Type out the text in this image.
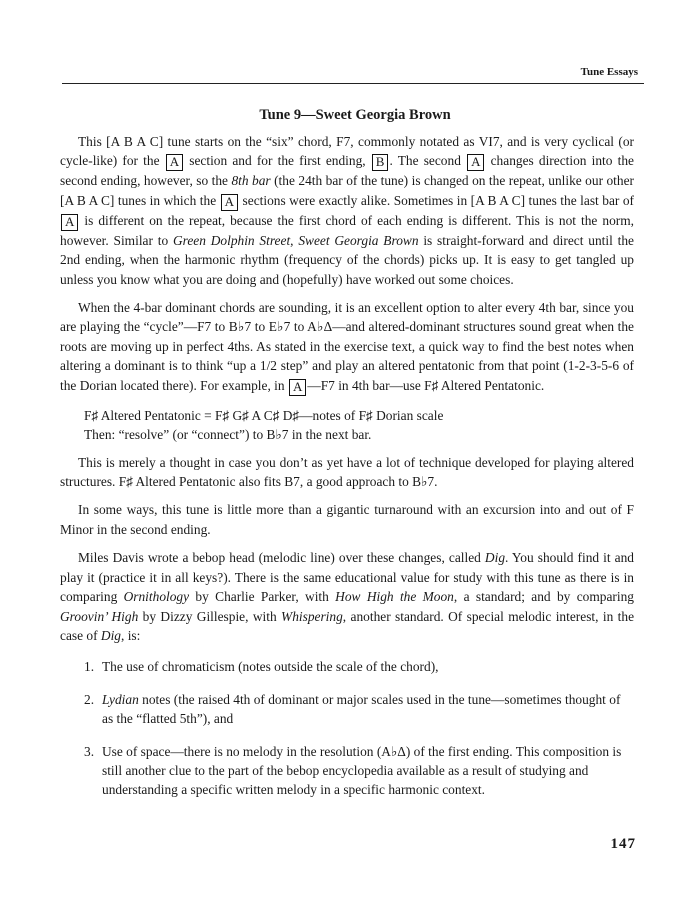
Tune Essays
Tune 9—Sweet Georgia Brown

This [A B A C] tune starts on the “six” chord, F7, commonly notated as VI7, and is very cyclical (or cycle-like) for the A section and for the first ending, B . The second A changes direction into the second ending, however, so the 8th bar (the 24th bar of the tune) is changed on the repeat, unlike our other [A B A C] tunes in which the A sections were exactly alike. Sometimes in [A B A C] tunes the last bar of A is different on the repeat, because the first chord of each ending is different. This is not the norm, however. Similar to Green Dolphin Street, Sweet Georgia Brown is straight-forward and direct until the 2nd ending, when the harmonic rhythm (frequency of the chords) picks up. It is easy to get tangled up unless you know what you are doing and (hopefully) have worked out some choices.

When the 4-bar dominant chords are sounding, it is an excellent option to alter every 4th bar, since you are playing the “cycle”—F7 to B♭7 to E♭7 to A♭Δ—and altered-dominant structures sound great when the roots are moving up in perfect 4ths. As stated in the exercise text, a quick way to find the best notes when altering a dominant is to think “up a 1/2 step” and play an altered pentatonic from that point (1-2-3-5-6 of the Dorian located there). For example, in A —F7 in 4th bar—use F♯ Altered Pentatonic.

F♯ Altered Pentatonic = F♯ G♯ A C♯ D♯—notes of F♯ Dorian scale
Then: “resolve” (or “connect”) to B♭7 in the next bar.

This is merely a thought in case you don’t as yet have a lot of technique developed for playing altered structures. F♯ Altered Pentatonic also fits B7, a good approach to B♭7.

In some ways, this tune is little more than a gigantic turnaround with an excursion into and out of F Minor in the second ending.

Miles Davis wrote a bebop head (melodic line) over these changes, called Dig. You should find it and play it (practice it in all keys?). There is the same educational value for study with this tune as there is in comparing Ornithology by Charlie Parker, with How High the Moon, a standard; and by comparing Groovin’ High by Dizzy Gillespie, with Whispering, another standard. Of special melodic interest, in the case of Dig, is:

1. The use of chromaticism (notes outside the scale of the chord),
2. Lydian notes (the raised 4th of dominant or major scales used in the tune—sometimes thought of as the “flatted 5th”), and
3. Use of space—there is no melody in the resolution (A♭Δ) of the first ending. This composition is still another clue to the part of the bebop encyclopedia available as a result of studying and understanding a specific written melody in a specific harmonic context.
147
